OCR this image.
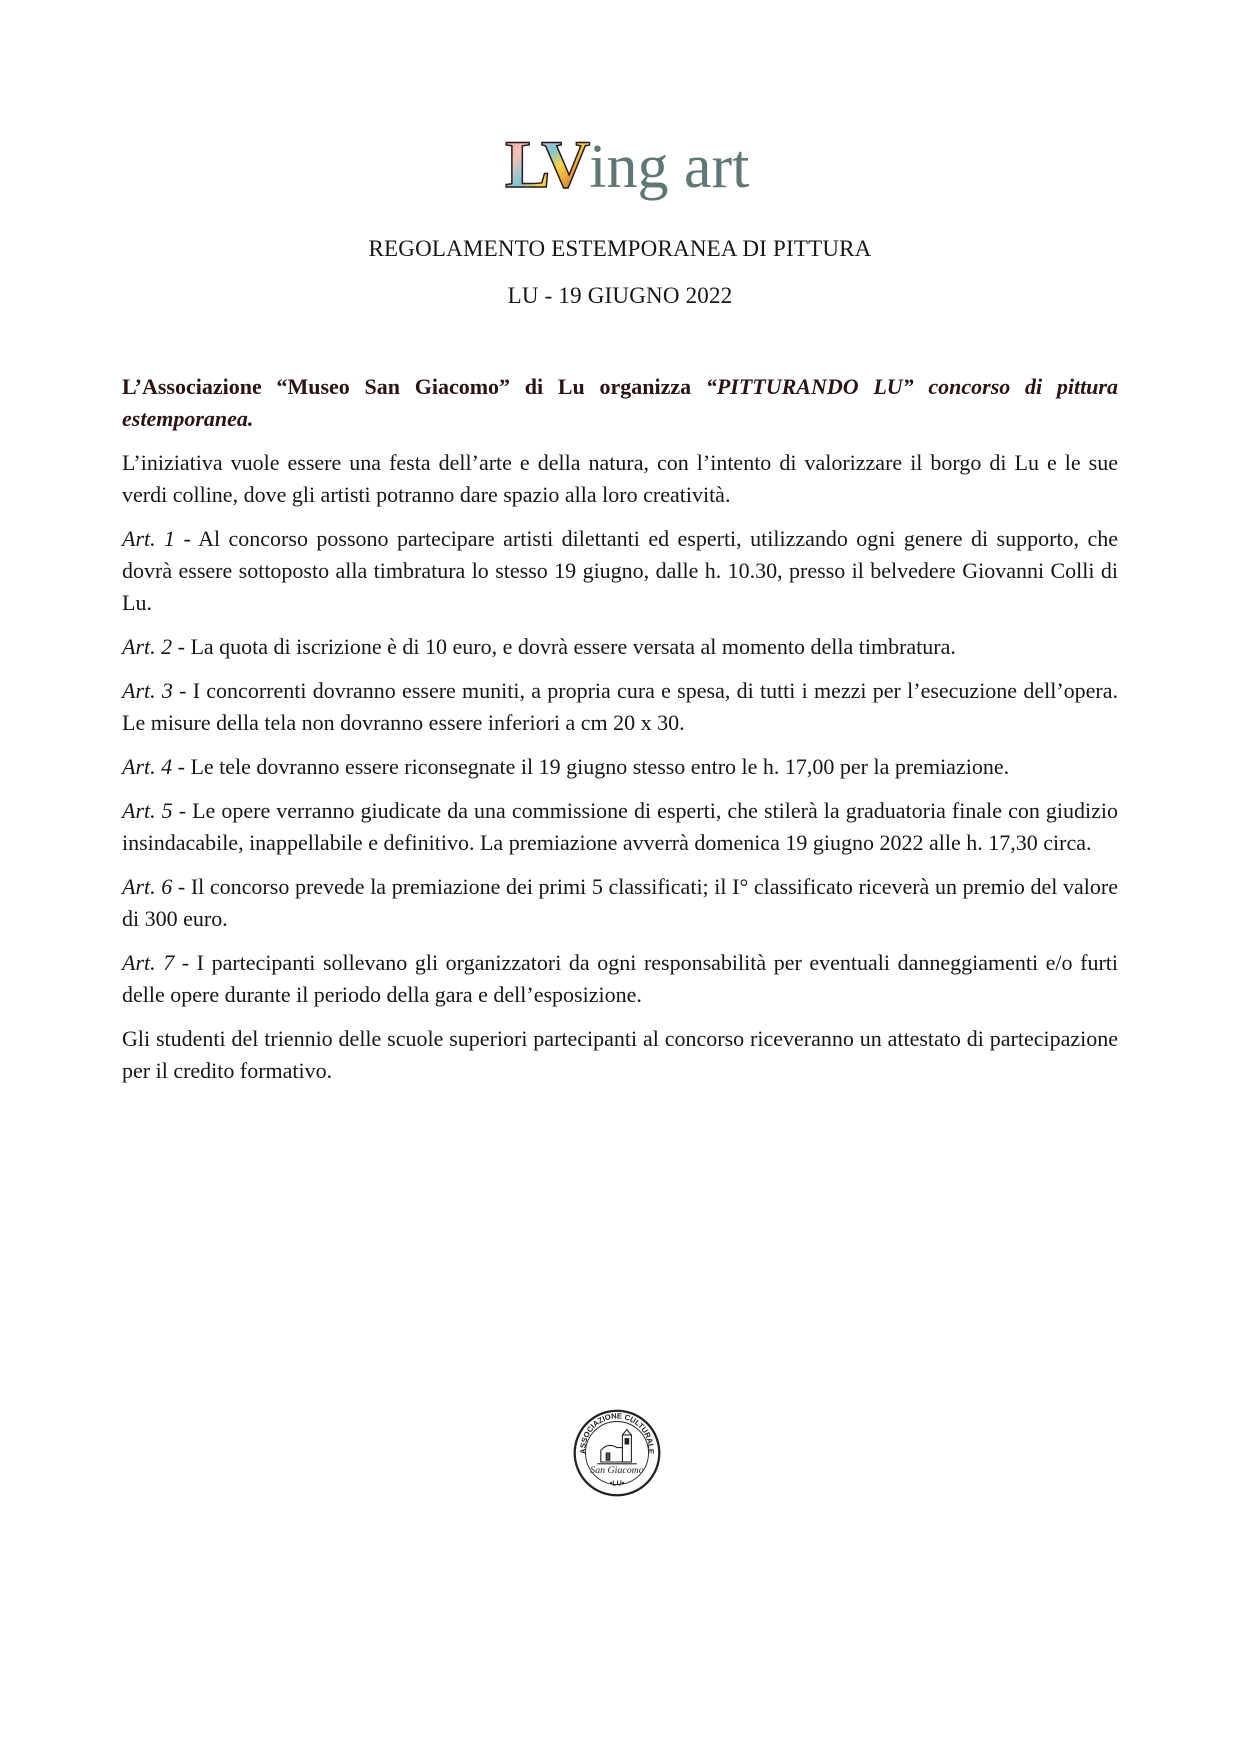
LV ing art
REGOLAMENTO ESTEMPORANEA DI PITTURA
LU - 19 GIUGNO 2022

L’Associazione “Museo San Giacomo” di Lu organizza “PITTURANDO LU” concorso di pittura estemporanea.

L’iniziativa vuole essere una festa dell’arte e della natura, con l’intento di valorizzare il borgo di Lu e le sue verdi colline, dove gli artisti potranno dare spazio alla loro creatività.

Art. 1 - Al concorso possono partecipare artisti dilettanti ed esperti, utilizzando ogni genere di supporto, che dovrà essere sottoposto alla timbratura lo stesso 19 giugno, dalle h. 10.30, presso il belvedere Giovanni Colli di Lu.

Art. 2 - La quota di iscrizione è di 10 euro, e dovrà essere versata al momento della timbratura.

Art. 3 - I concorrenti dovranno essere muniti, a propria cura e spesa, di tutti i mezzi per l’esecuzione dell’opera. Le misure della tela non dovranno essere inferiori a cm 20 x 30.

Art. 4 - Le tele dovranno essere riconsegnate il 19 giugno stesso entro le h. 17,00 per la premiazione.

Art. 5 - Le opere verranno giudicate da una commissione di esperti, che stilerà la graduatoria finale con giudizio insindacabile, inappellabile e definitivo. La premiazione avverrà domenica 19 giugno 2022 alle h. 17,30 circa.

Art. 6 - Il concorso prevede la premiazione dei primi 5 classificati; il I° classificato riceverà un premio del valore di 300 euro.

Art. 7 - I partecipanti sollevano gli organizzatori da ogni responsabilità per eventuali danneggiamenti e/o furti delle opere durante il periodo della gara e dell’esposizione.

Gli studenti del triennio delle scuole superiori partecipanti al concorso riceveranno un attestato di partecipazione per il credito formativo.

ASSOCIAZIONE CULTURALE
San Giacomo
•LU•
